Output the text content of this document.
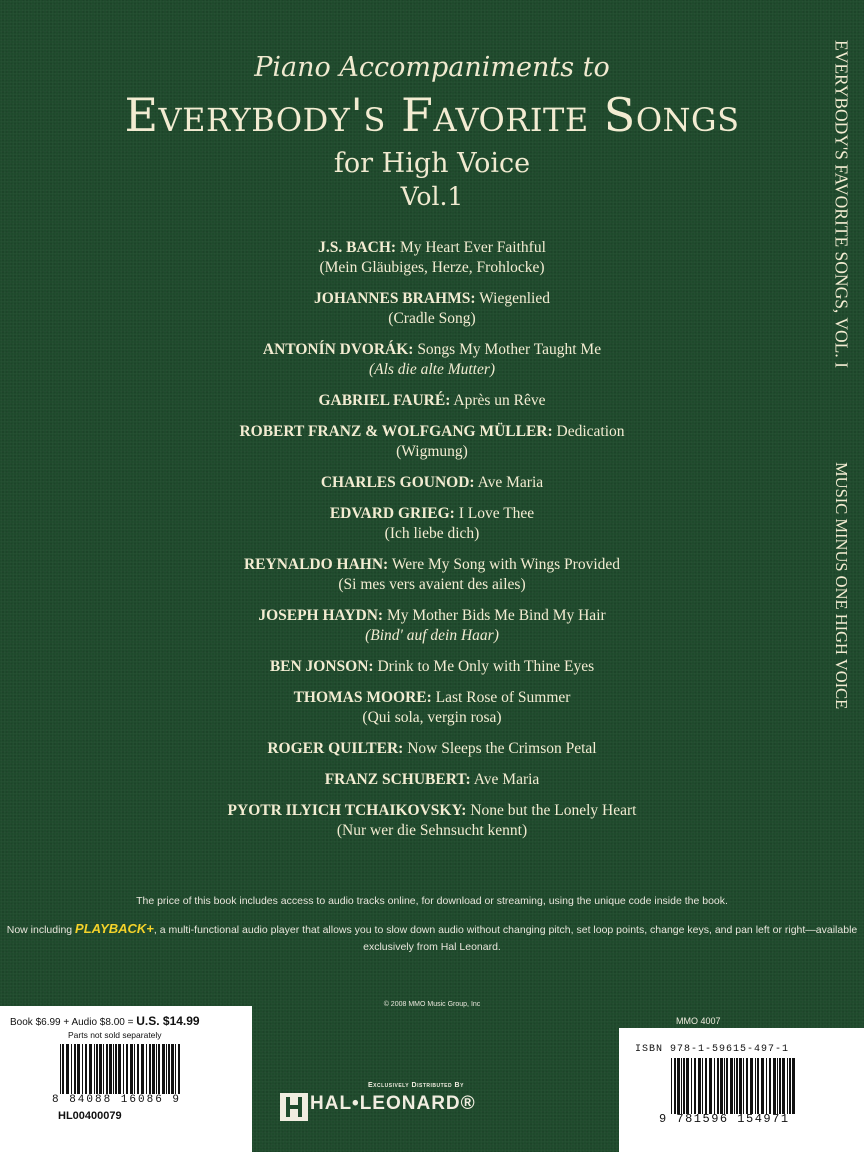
Piano Accompaniments to
Everybody's Favorite Songs
for High Voice
Vol.1
J.S. BACH: My Heart Ever Faithful
(Mein Gläubiges, Herze, Frohlocke)
JOHANNES BRAHMS: Wiegenlied
(Cradle Song)
ANTONÍN DVORÁK: Songs My Mother Taught Me
(Als die alte Mutter)
GABRIEL FAURÉ: Après un Rêve
ROBERT FRANZ & WOLFGANG MÜLLER: Dedication
(Wigmung)
CHARLES GOUNOD: Ave Maria
EDVARD GRIEG: I Love Thee
(Ich liebe dich)
REYNALDO HAHN: Were My Song with Wings Provided
(Si mes vers avaient des ailes)
JOSEPH HAYDN: My Mother Bids Me Bind My Hair
(Bind' auf dein Haar)
BEN JONSON: Drink to Me Only with Thine Eyes
THOMAS MOORE: Last Rose of Summer
(Qui sola, vergin rosa)
ROGER QUILTER: Now Sleeps the Crimson Petal
FRANZ SCHUBERT: Ave Maria
PYOTR ILYICH TCHAIKOVSKY: None but the Lonely Heart
(Nur wer die Sehnsucht kennt)
EVERYBODY'S FAVORITE SONGS, VOL. I
MUSIC MINUS ONE HIGH VOICE

The price of this book includes access to audio tracks online, for download or streaming, using the unique code inside the book.

Now including PLAYBACK+, a multi-functional audio player that allows you to slow down audio without changing pitch, set loop points, change keys, and pan left or right—available exclusively from Hal Leonard.

© 2008 MMO Music Group, Inc
MMO 4007
Book $6.99 + Audio $8.00 = U.S. $14.99
Parts not sold separately
8 84088 16086 9
HL00400079
Exclusively Distributed By
HAL•LEONARD®
ISBN 978-1-59615-497-1
9 781596 154971
